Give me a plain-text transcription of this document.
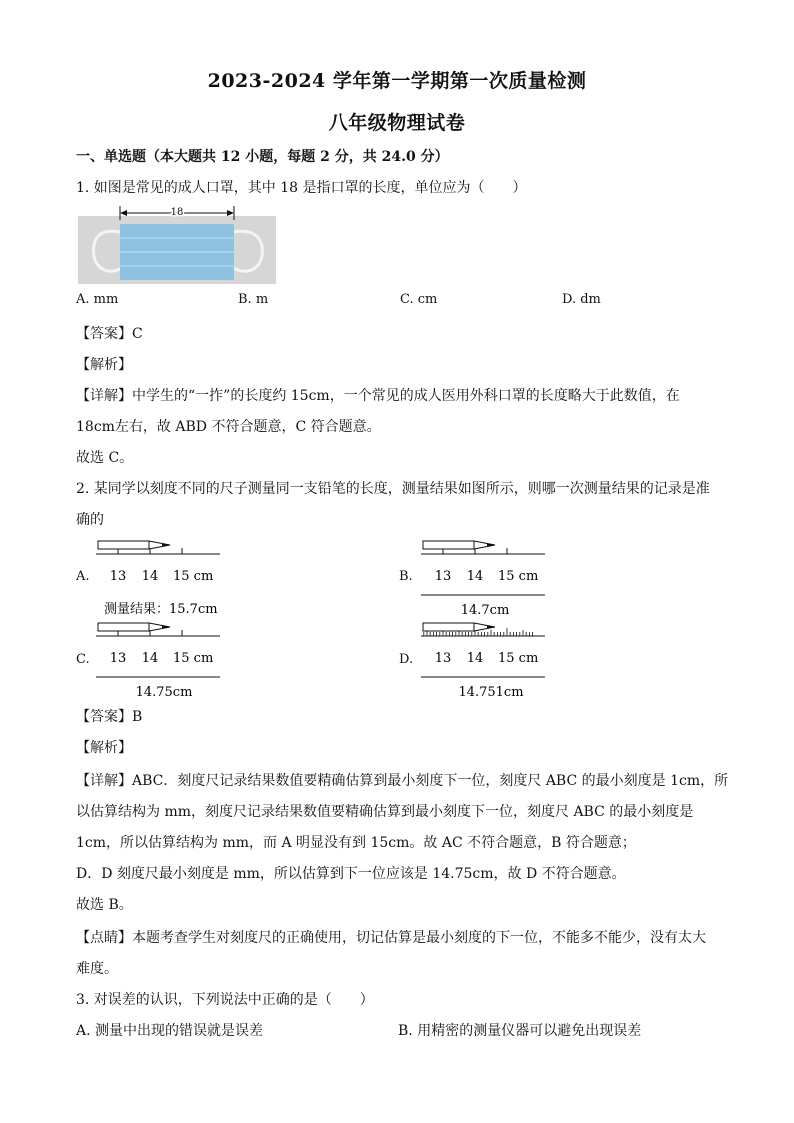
2023-2024 学年第一学期第一次质量检测
八年级物理试卷
一、单选题（本大题共 12 小题，每题 2 分，共 24.0 分）
1. 如图是常见的成人口罩，其中 18 是指口罩的长度，单位应为（　　）
18
A. mm	B. m	C. cm	D. dm
【答案】C
【解析】
【详解】中学生的“一拃”的长度约 15cm，一个常见的成人医用外科口罩的长度略大于此数值，在
18cm左右，故 ABD 不符合题意，C 符合题意。
故选 C。
2. 某同学以刻度不同的尺子测量同一支铅笔的长度，测量结果如图所示，则哪一次测量结果的记录是准
确的
A. 13 14 15 cm
测量结果：15.7cm
B. 13 14 15 cm
14.7cm
C. 13 14 15 cm
14.75cm
D. 13 14 15 cm
14.751cm
【答案】B
【解析】
【详解】ABC．刻度尺记录结果数值要精确估算到最小刻度下一位，刻度尺 ABC 的最小刻度是 1cm，所
以估算结构为 mm，刻度尺记录结果数值要精确估算到最小刻度下一位，刻度尺 ABC 的最小刻度是
1cm，所以估算结构为 mm，而 A 明显没有到 15cm。故 AC 不符合题意，B 符合题意；
D．D 刻度尺最小刻度是 mm，所以估算到下一位应该是 14.75cm，故 D 不符合题意。
故选 B。
【点睛】本题考查学生对刻度尺的正确使用，切记估算是最小刻度的下一位，不能多不能少，没有太大
难度。
3. 对误差的认识，下列说法中正确的是（　　）
A. 测量中出现的错误就是误差	B. 用精密的测量仪器可以避免出现误差
